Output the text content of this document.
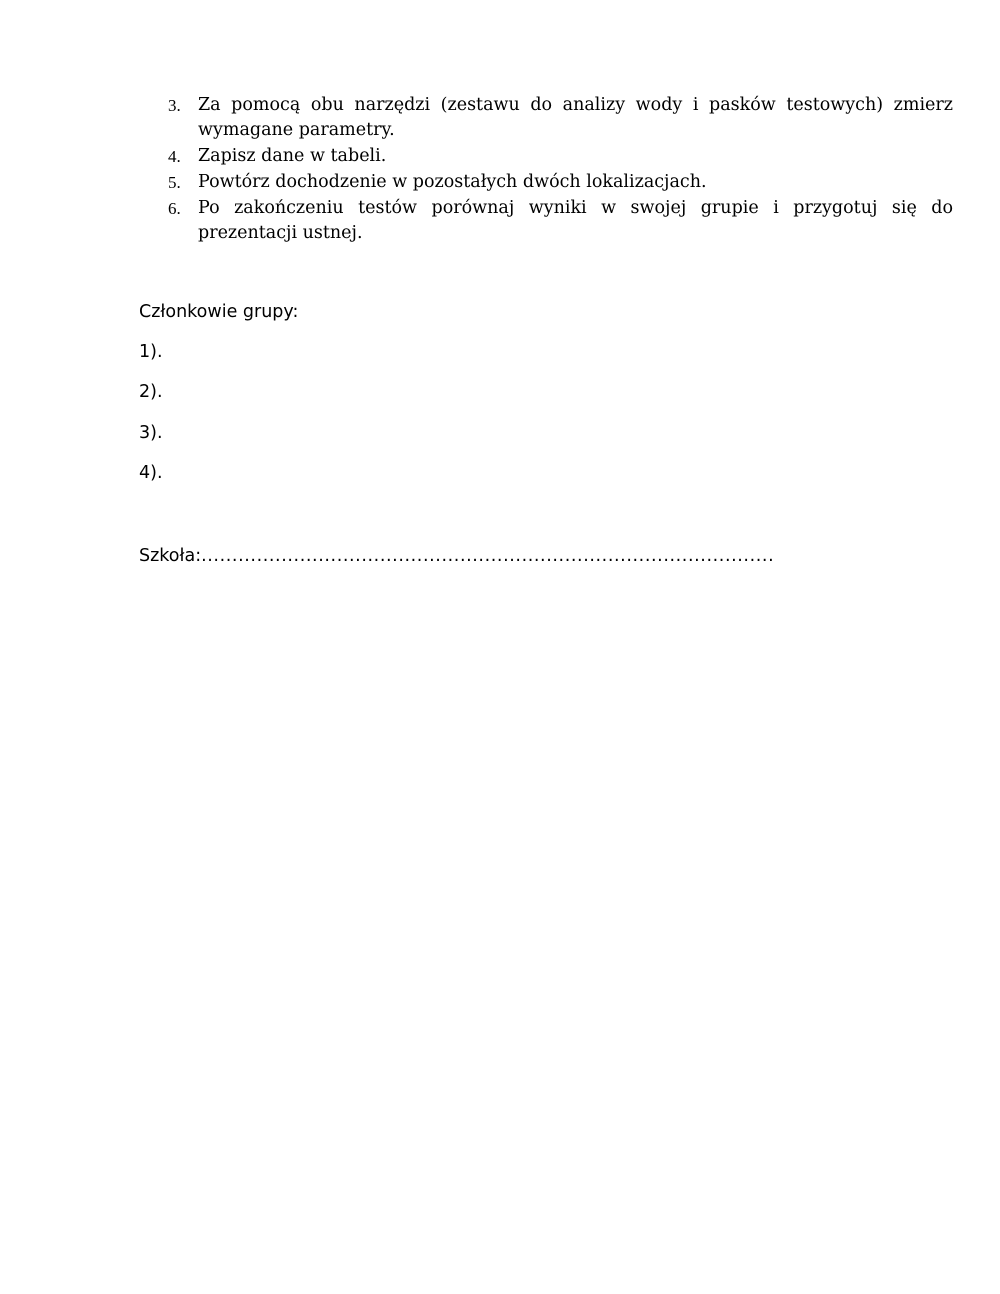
3. Za pomocą obu narzędzi (zestawu do analizy wody i pasków testowych) zmierz wymagane parametry.
4. Zapisz dane w tabeli.
5. Powtórz dochodzenie w pozostałych dwóch lokalizacjach.
6. Po zakończeniu testów porównaj wyniki w swojej grupie i przygotuj się do prezentacji ustnej.

Członkowie grupy:

1).

2).

3).

4).

Szkoła:.............................................................................................
